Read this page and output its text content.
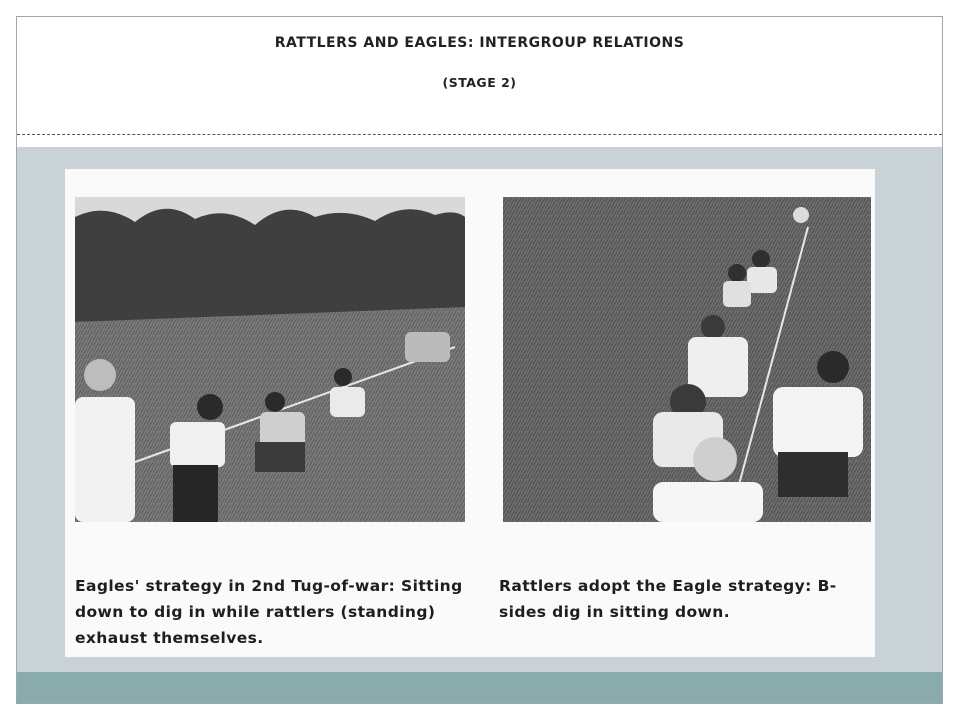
RATTLERS AND EAGLES: INTERGROUP RELATIONS
(STAGE 2)
Eagles' strategy in 2nd Tug-of-war: Sitting
down to dig in while rattlers (standing)
exhaust themselves.
Rattlers adopt the Eagle strategy: B-
sides dig in sitting down.
